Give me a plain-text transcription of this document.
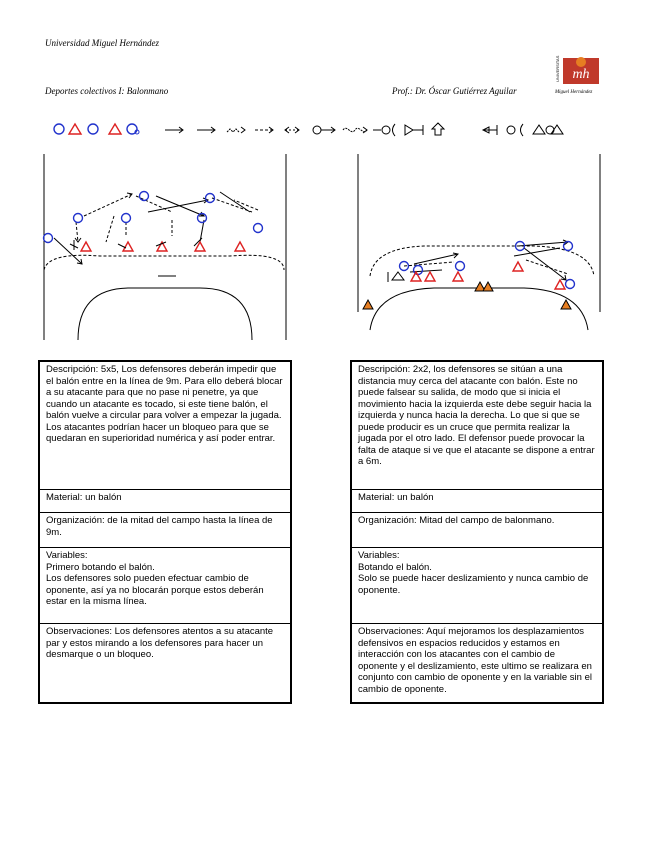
Universidad Miguel Hernández
Deportes colectivos I: Balonmano	Prof.: Dr. Óscar Gutiérrez Aguilar
mh
UNIVERSITAS
Miguel Hernández
Descripción: 5x5, Los defensores deberán impedir que el balón entre en la línea de 9m. Para ello deberá blocar a su atacante para que no pase ni penetre, ya que cuando un atacante es tocado, si este tiene balón, el balón vuelve a circular para volver a empezar la jugada. Los atacantes podrían hacer un bloqueo para que se quedaran en superioridad numérica y así poder entrar.
Material: un balón
Organización: de la mitad del campo hasta la línea de 9m.
Variables:
Primero botando el balón.
Los defensores solo pueden efectuar cambio de oponente, así ya no blocarán porque estos deberán estar en la misma línea.
Observaciones: Los defensores atentos a su atacante par y estos mirando a los defensores para hacer un desmarque o un bloqueo.
Descripción: 2x2, los defensores se sitúan a una distancia muy cerca del atacante con balón. Este no puede falsear su salida, de modo que si inicia el movimiento hacia la izquierda este debe seguir hacia la izquierda y nunca hacia la derecha. Lo que si que se puede producir es un cruce que permita realizar la jugada por el otro lado. El defensor puede provocar la falta de ataque si ve que el atacante se dispone a entrar a 6m.
Material: un balón
Organización: Mitad del campo de balonmano.
Variables:
Botando el balón.
Solo se puede hacer deslizamiento y nunca cambio de oponente.
Observaciones: Aquí mejoramos los desplazamientos defensivos en espacios reducidos y estamos en interacción con los atacantes con el cambio de oponente y el deslizamiento, este ultimo se realizara en conjunto con cambio de oponente y en la variable sin el cambio de oponente.
